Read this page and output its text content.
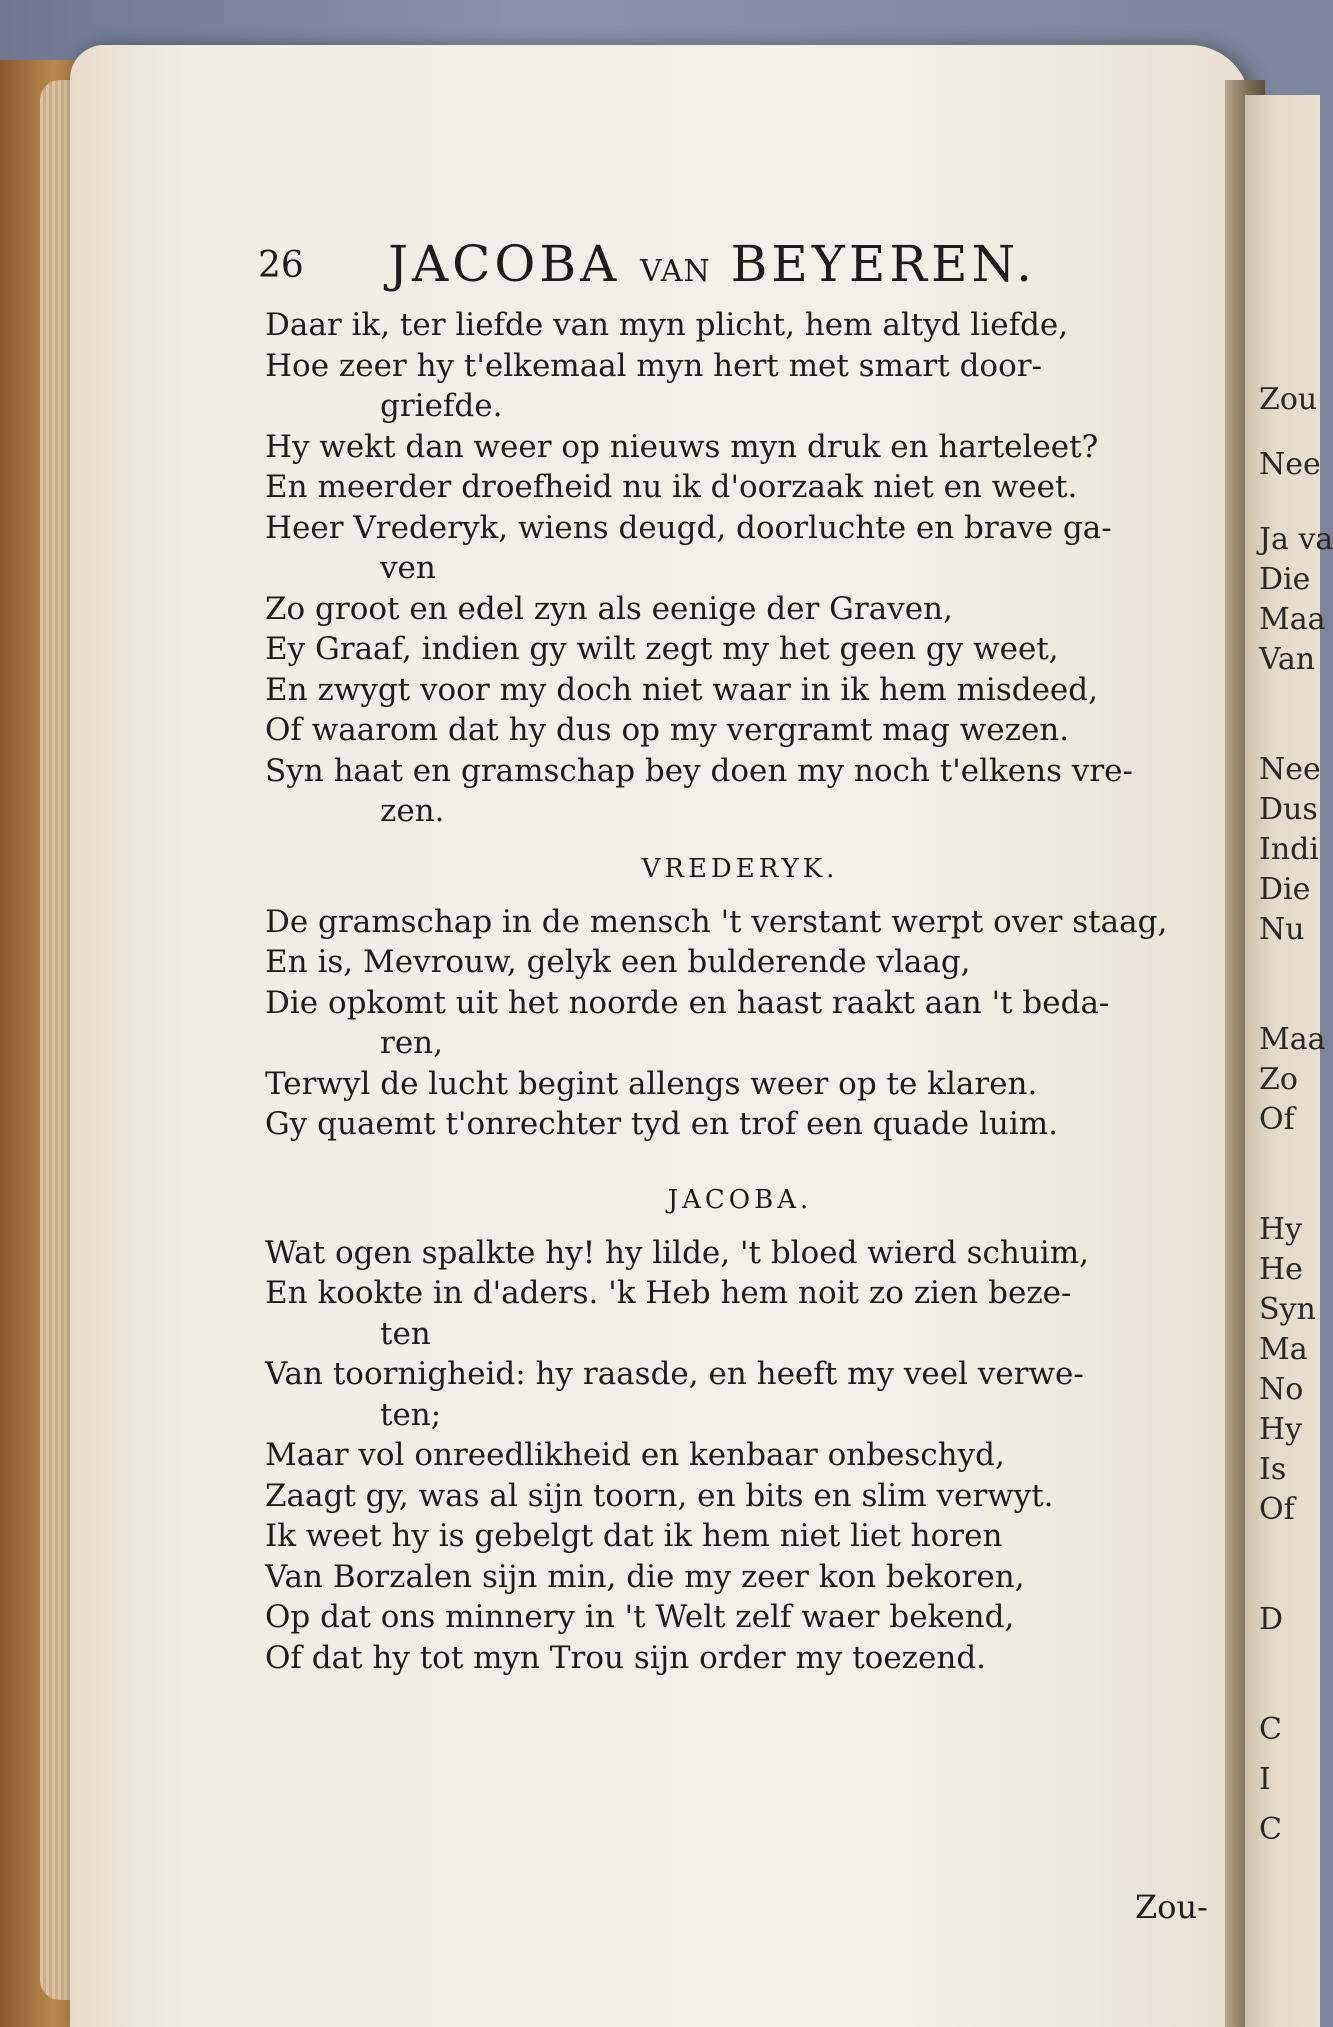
Zou
Nee
Ja va
Die
Maa
Van
Nee
Dus
Indi
Die
Nu
Maa
Zo
Of
Hy
He
Syn
Ma
No
Hy
Is
Of
D
C
I
C
26 JACOBA VAN BEYEREN.
Daar ik, ter liefde van myn plicht, hem altyd liefde,
Hoe zeer hy t'elkemaal myn hert met smart door-
griefde.
Hy wekt dan weer op nieuws myn druk en harteleet?
En meerder droefheid nu ik d'oorzaak niet en weet.
Heer Vrederyk, wiens deugd, doorluchte en brave ga-
ven
Zo groot en edel zyn als eenige der Graven,
Ey Graaf, indien gy wilt zegt my het geen gy weet,
En zwygt voor my doch niet waar in ik hem misdeed,
Of waarom dat hy dus op my vergramt mag wezen.
Syn haat en gramschap bey doen my noch t'elkens vre-
zen.
VREDERYK.
De gramschap in de mensch 't verstant werpt over staag,
En is, Mevrouw, gelyk een bulderende vlaag,
Die opkomt uit het noorde en haast raakt aan 't beda-
ren,
Terwyl de lucht begint allengs weer op te klaren.
Gy quaemt t'onrechter tyd en trof een quade luim.
JACOBA.
Wat ogen spalkte hy! hy lilde, 't bloed wierd schuim,
En kookte in d'aders. 'k Heb hem noit zo zien beze-
ten
Van toornigheid: hy raasde, en heeft my veel verwe-
ten;
Maar vol onreedlikheid en kenbaar onbeschyd,
Zaagt gy, was al sijn toorn, en bits en slim verwyt.
Ik weet hy is gebelgt dat ik hem niet liet horen
Van Borzalen sijn min, die my zeer kon bekoren,
Op dat ons minnery in 't Welt zelf waer bekend,
Of dat hy tot myn Trou sijn order my toezend.
Zou-
